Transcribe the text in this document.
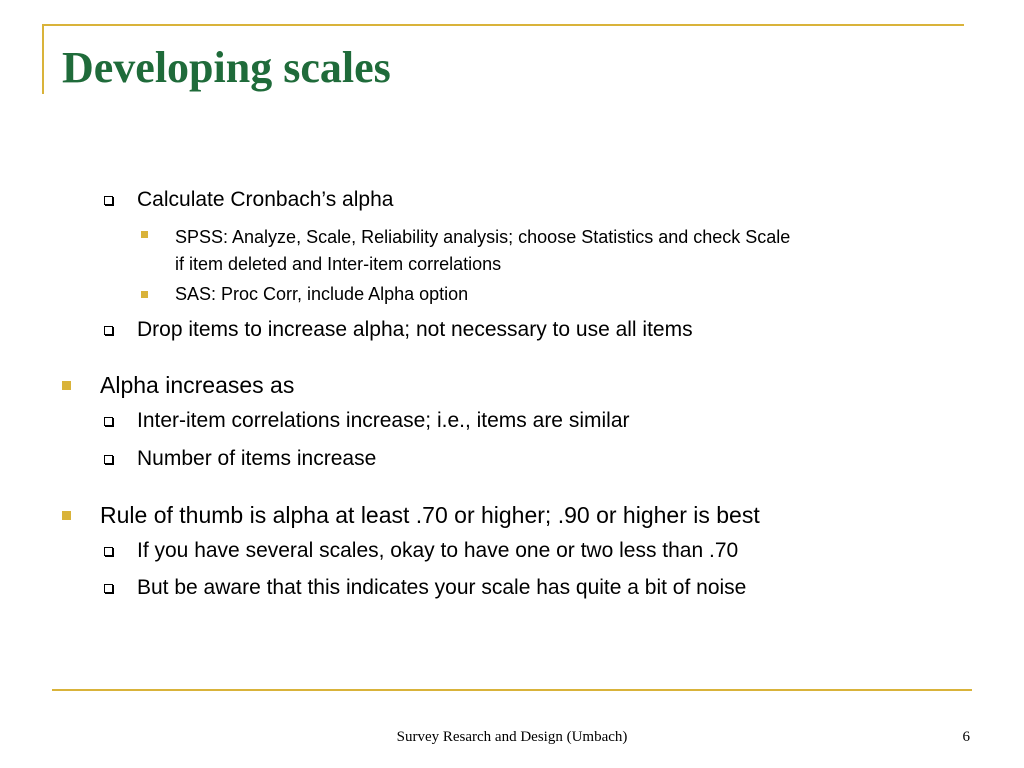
Developing scales
Calculate Cronbach’s alpha
SPSS: Analyze, Scale, Reliability analysis; choose Statistics and check Scale
if item deleted and Inter-item correlations
SAS: Proc Corr, include Alpha option
Drop items to increase alpha; not necessary to use all items
Alpha increases as
Inter-item correlations increase; i.e., items are similar
Number of items increase
Rule of thumb is alpha at least .70 or higher; .90 or higher is best
If you have several scales, okay to have one or two less than .70
But be aware that this indicates your scale has quite a bit of noise
Survey Resarch and Design (Umbach)	6
